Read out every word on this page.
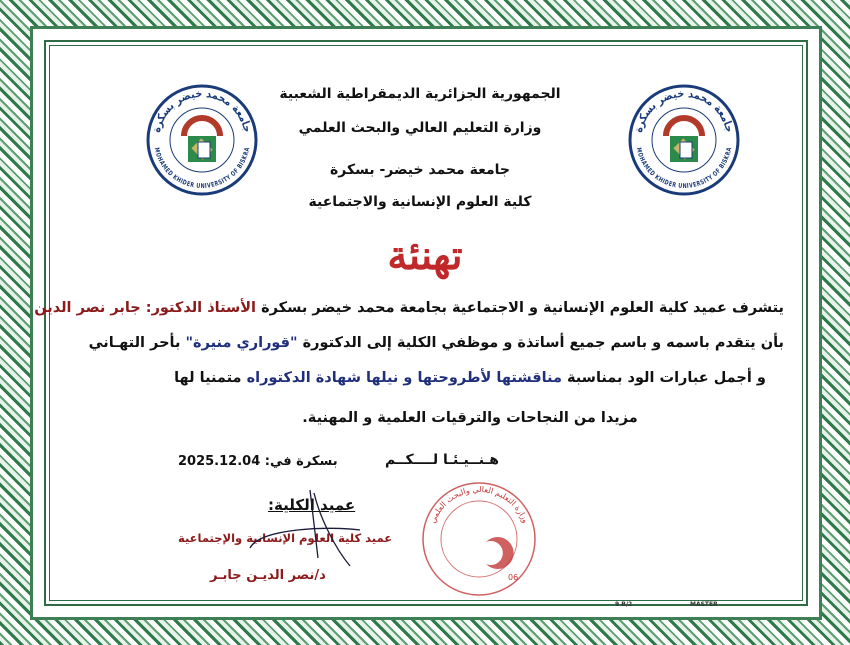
جامعة محمد خيضر بسكرة
MOHAMED KHIDER UNIVERSITY OF BISKRA
جامعة محمد خيضر بسكرة
MOHAMED KHIDER UNIVERSITY OF BISKRA
الجمهورية الجزائرية الديمقراطية الشعبية
وزارة التعليم العالي والبحث العلمي
جامعة محمد خيضر- بسكرة
كلية العلوم الإنسانية والاجتماعية
تهنئة
يتشرف عميد كلية العلوم الإنسانية و الاجتماعية بجامعة محمد خيضر بسكرة الأستاذ الدكتور: جابر نصر الدين
بأن يتقدم باسمه و باسم جميع أساتذة و موظفي الكلية إلى الدكتورة "قوراري منيرة" بأحر التهـاني
و أجمل عبارات الود بمناسبة مناقشتها لأطروحتها و نيلها شهادة الدكتوراه متمنيا لها
مزيدا من النجاحات والترقيات العلمية و المهنية.
هـنــيـئـا لــــكــم
بسكرة في: 2025.12.04
وزارة التعليم العالي والبحث العلمي
06
عميد الكلية:
عميد كلية العلوم الإنسانية والإجتماعية
د/نصر الديـن جابـر
9 B/2	MASTER
